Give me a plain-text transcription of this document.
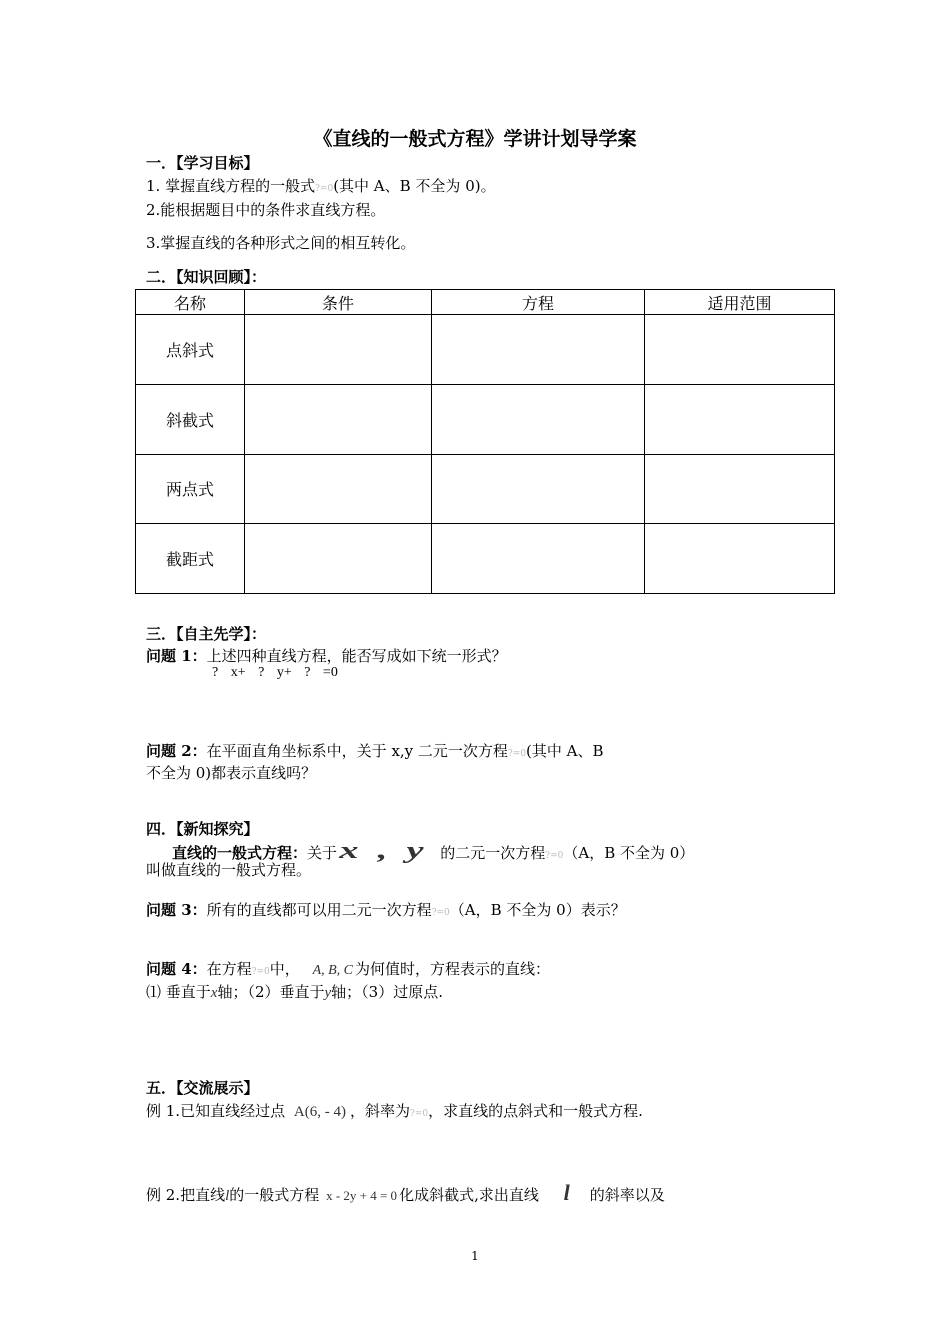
《直线的一般式方程》学讲计划导学案
一．【学习目标】
1. 掌握直线方程的一般式?=0(其中 A、B 不全为 0)。
2.能根据题目中的条件求直线方程。
3.掌握直线的各种形式之间的相互转化。
二．【知识回顾】：
名称	条件	方程	适用范围
点斜式			
斜截式			
两点式			
截距式			
三．【自主先学】：
问题 1：上述四种直线方程，能否写成如下统一形式？
? x+ ? y+ ? =0
问题 2：在平面直角坐标系中，关于 x,y 二元一次方程?=0(其中 A、B
不全为 0)都表示直线吗？
四．【新知探究】
直线的一般式方程：关于 x , y 的二元一次方程?=0（A，B 不全为 0）
叫做直线的一般式方程。
问题 3：所有的直线都可以用二元一次方程?=0（A，B 不全为 0）表示？
问题 4：在方程?=0中， A, B, C 为何值时，方程表示的直线：
⑴ 垂直于x轴；（2）垂直于y轴；（3）过原点.
五．【交流展示】
例 1.已知直线经过点 A(6, - 4) ，斜率为?=0，求直线的点斜式和一般式方程.
例 2.把直线l的一般式方程 x - 2y + 4 = 0 化成斜截式,求出直线 l 的斜率以及
1
